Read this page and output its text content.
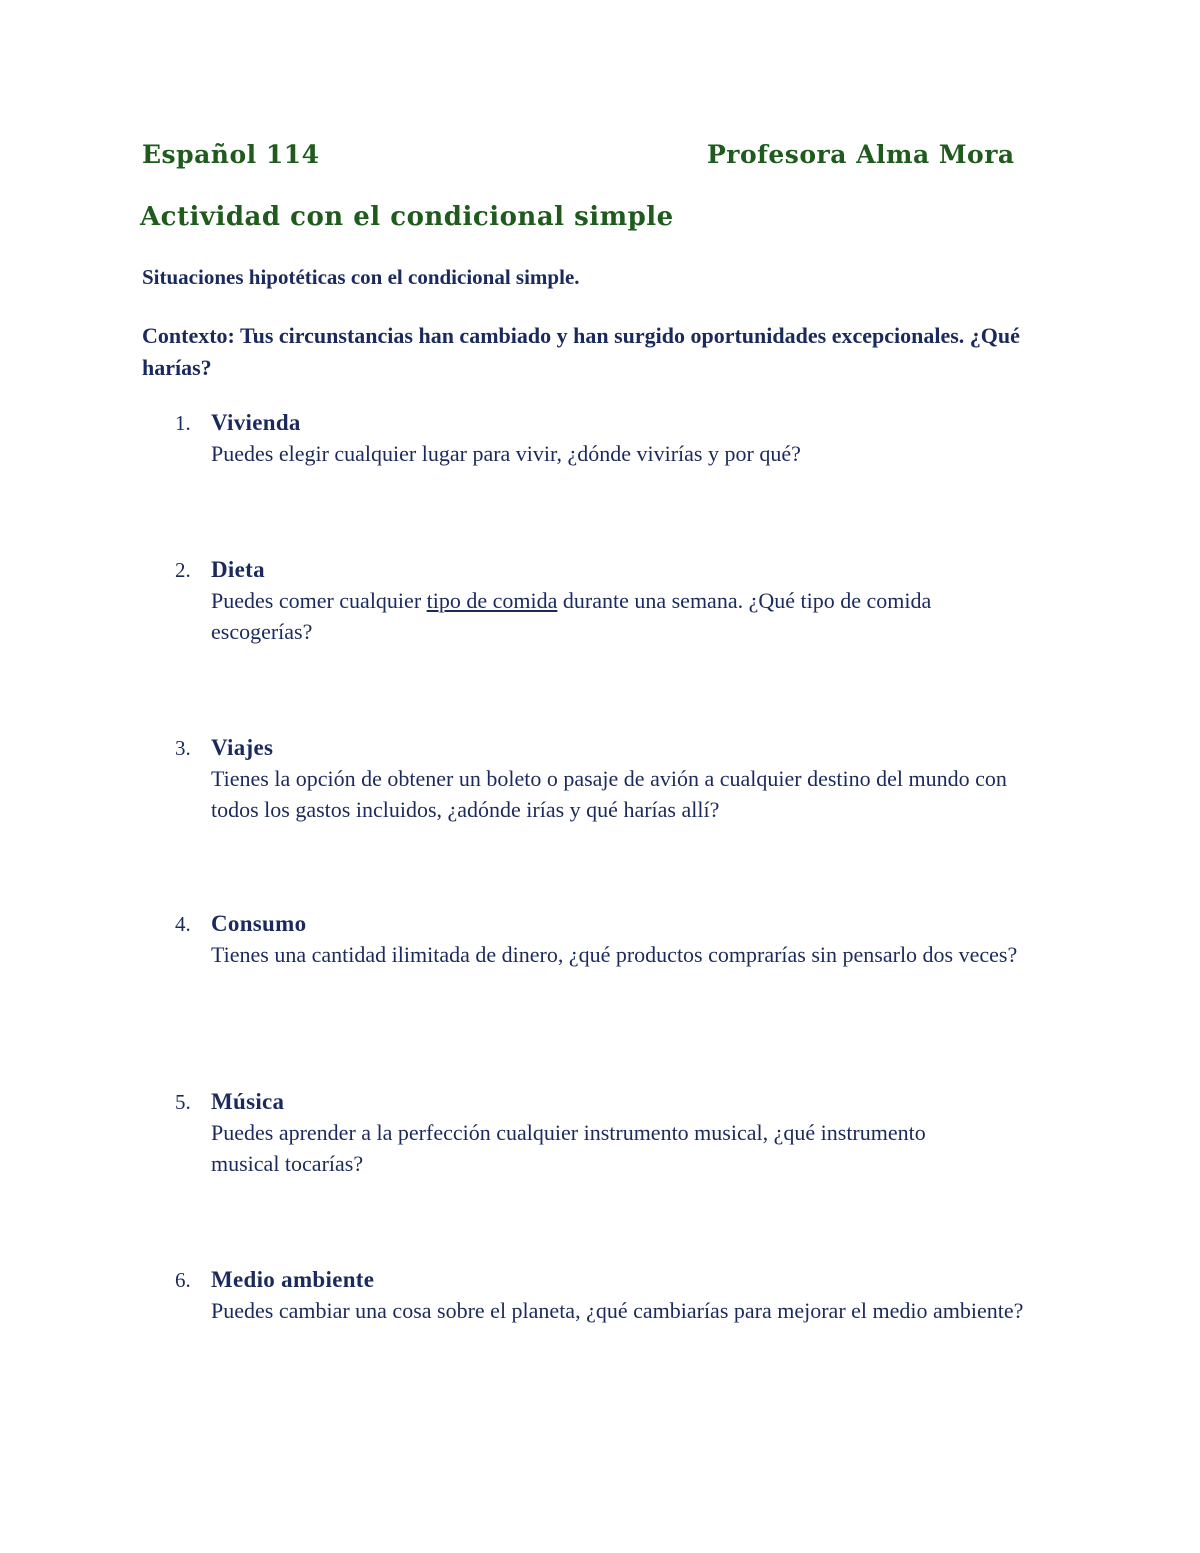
Español 114	Profesora Alma Mora
Actividad con el condicional simple
Situaciones hipotéticas con el condicional simple.
Contexto: Tus circunstancias han cambiado y han surgido oportunidades excepcionales. ¿Qué harías?
1. Vivienda
Puedes elegir cualquier lugar para vivir, ¿dónde vivirías y por qué?
2. Dieta
Puedes comer cualquier tipo de comida durante una semana. ¿Qué tipo de comida escogerías?
3. Viajes
Tienes la opción de obtener un boleto o pasaje de avión a cualquier destino del mundo con todos los gastos incluidos, ¿adónde irías y qué harías allí?
4. Consumo
Tienes una cantidad ilimitada de dinero, ¿qué productos comprarías sin pensarlo dos veces?
5. Música
Puedes aprender a la perfección cualquier instrumento musical, ¿qué instrumento musical tocarías?
6. Medio ambiente
Puedes cambiar una cosa sobre el planeta, ¿qué cambiarías para mejorar el medio ambiente?
